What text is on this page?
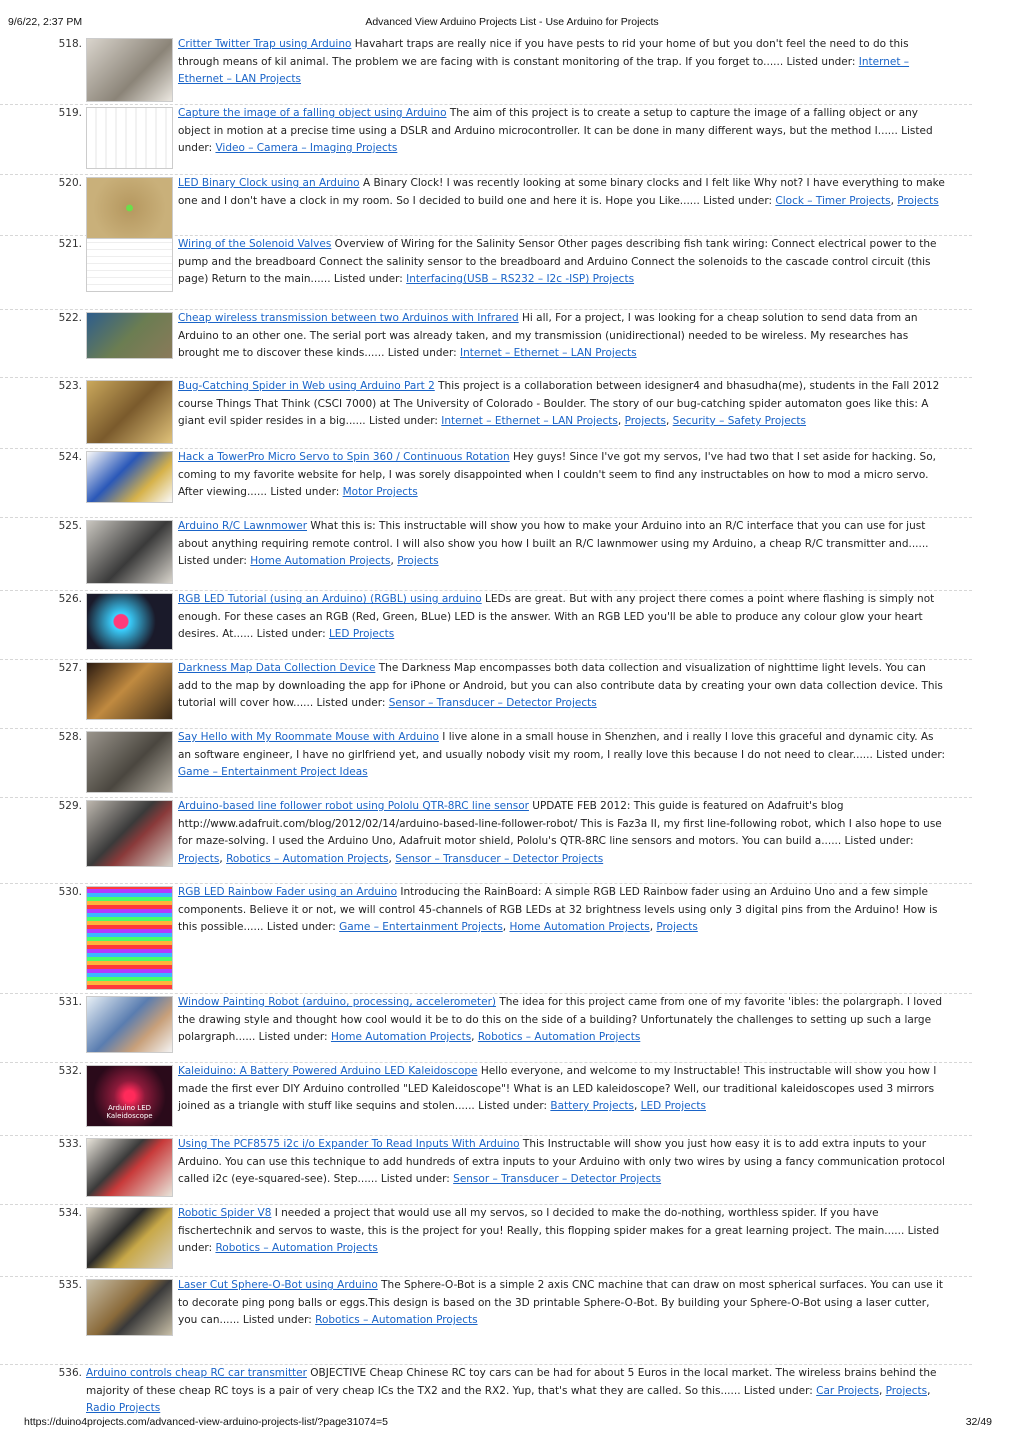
9/6/22, 2:37 PM	Advanced View Arduino Projects List - Use Arduino for Projects
518.	Critter Twitter Trap using Arduino Havahart traps are really nice if you have pests to rid your home of but you don't feel the need to do this through means of kil animal. The problem we are facing with is constant monitoring of the trap. If you forget to...... Listed under: Internet – Ethernet – LAN Projects
519.	Capture the image of a falling object using Arduino The aim of this project is to create a setup to capture the image of a falling object or any object in motion at a precise time using a DSLR and Arduino microcontroller. It can be done in many different ways, but the method I...... Listed under: Video – Camera – Imaging Projects
520.	LED Binary Clock using an Arduino A Binary Clock! I was recently looking at some binary clocks and I felt like Why not? I have everything to make one and I don't have a clock in my room. So I decided to build one and here it is. Hope you Like...... Listed under: Clock – Timer Projects, Projects
521.	Wiring of the Solenoid Valves Overview of Wiring for the Salinity Sensor Other pages describing fish tank wiring: Connect electrical power to the pump and the breadboard Connect the salinity sensor to the breadboard and Arduino Connect the solenoids to the cascade control circuit (this page) Return to the main...... Listed under: Interfacing(USB – RS232 – I2c -ISP) Projects
522.	Cheap wireless transmission between two Arduinos with Infrared Hi all, For a project, I was looking for a cheap solution to send data from an Arduino to an other one. The serial port was already taken, and my transmission (unidirectional) needed to be wireless. My researches has brought me to discover these kinds...... Listed under: Internet – Ethernet – LAN Projects
523.	Bug-Catching Spider in Web using Arduino Part 2 This project is a collaboration between idesigner4 and bhasudha(me), students in the Fall 2012 course Things That Think (CSCI 7000) at The University of Colorado - Boulder. The story of our bug-catching spider automaton goes like this: A giant evil spider resides in a big...... Listed under: Internet – Ethernet – LAN Projects, Projects, Security – Safety Projects
524.	Hack a TowerPro Micro Servo to Spin 360 / Continuous Rotation Hey guys! Since I've got my servos, I've had two that I set aside for hacking. So, coming to my favorite website for help, I was sorely disappointed when I couldn't seem to find any instructables on how to mod a micro servo. After viewing...... Listed under: Motor Projects
525.	Arduino R/C Lawnmower What this is: This instructable will show you how to make your Arduino into an R/C interface that you can use for just about anything requiring remote control. I will also show you how I built an R/C lawnmower using my Arduino, a cheap R/C transmitter and...... Listed under: Home Automation Projects, Projects
526.	RGB LED Tutorial (using an Arduino) (RGBL) using arduino LEDs are great. But with any project there comes a point where flashing is simply not enough. For these cases an RGB (Red, Green, BLue) LED is the answer. With an RGB LED you'll be able to produce any colour glow your heart desires. At...... Listed under: LED Projects
527.	Darkness Map Data Collection Device The Darkness Map encompasses both data collection and visualization of nighttime light levels. You can add to the map by downloading the app for iPhone or Android, but you can also contribute data by creating your own data collection device. This tutorial will cover how...... Listed under: Sensor – Transducer – Detector Projects
528.	Say Hello with My Roommate Mouse with Arduino I live alone in a small house in Shenzhen, and i really I love this graceful and dynamic city. As an software engineer, I have no girlfriend yet, and usually nobody visit my room, I really love this because I do not need to clear...... Listed under: Game – Entertainment Project Ideas
529.	Arduino-based line follower robot using Pololu QTR-8RC line sensor UPDATE FEB 2012: This guide is featured on Adafruit's blog http://www.adafruit.com/blog/2012/02/14/arduino-based-line-follower-robot/ This is Faz3a II, my first line-following robot, which I also hope to use for maze-solving. I used the Arduino Uno, Adafruit motor shield, Pololu's QTR-8RC line sensors and motors. You can build a...... Listed under: Projects, Robotics – Automation Projects, Sensor – Transducer – Detector Projects
530.	RGB LED Rainbow Fader using an Arduino Introducing the RainBoard: A simple RGB LED Rainbow fader using an Arduino Uno and a few simple components. Believe it or not, we will control 45-channels of RGB LEDs at 32 brightness levels using only 3 digital pins from the Arduino! How is this possible...... Listed under: Game – Entertainment Projects, Home Automation Projects, Projects
531.	Window Painting Robot (arduino, processing, accelerometer) The idea for this project came from one of my favorite 'ibles: the polargraph. I loved the drawing style and thought how cool would it be to do this on the side of a building? Unfortunately the challenges to setting up such a large polargraph...... Listed under: Home Automation Projects, Robotics – Automation Projects
532.
Arduino LED Kaleidoscope
Kaleiduino: A Battery Powered Arduino LED Kaleidoscope Hello everyone, and welcome to my Instructable! This instructable will show you how I made the first ever DIY Arduino controlled "LED Kaleidoscope"! What is an LED kaleidoscope? Well, our traditional kaleidoscopes used 3 mirrors joined as a triangle with stuff like sequins and stolen...... Listed under: Battery Projects, LED Projects
533.	Using The PCF8575 i2c i/o Expander To Read Inputs With Arduino This Instructable will show you just how easy it is to add extra inputs to your Arduino. You can use this technique to add hundreds of extra inputs to your Arduino with only two wires by using a fancy communication protocol called i2c (eye-squared-see). Step...... Listed under: Sensor – Transducer – Detector Projects
534.	Robotic Spider V8 I needed a project that would use all my servos, so I decided to make the do-nothing, worthless spider. If you have fischertechnik and servos to waste, this is the project for you! Really, this flopping spider makes for a great learning project. The main...... Listed under: Robotics – Automation Projects
535.	Laser Cut Sphere-O-Bot using Arduino The Sphere-O-Bot is a simple 2 axis CNC machine that can draw on most spherical surfaces. You can use it to decorate ping pong balls or eggs.This design is based on the 3D printable Sphere-O-Bot. By building your Sphere-O-Bot using a laser cutter, you can...... Listed under: Robotics – Automation Projects
536. Arduino controls cheap RC car transmitter OBJECTIVE Cheap Chinese RC toy cars can be had for about 5 Euros in the local market. The wireless brains behind the majority of these cheap RC toys is a pair of very cheap ICs the TX2 and the RX2. Yup, that's what they are called. So this...... Listed under: Car Projects, Projects, Radio Projects
https://duino4projects.com/advanced-view-arduino-projects-list/?page31074=5	32/49
